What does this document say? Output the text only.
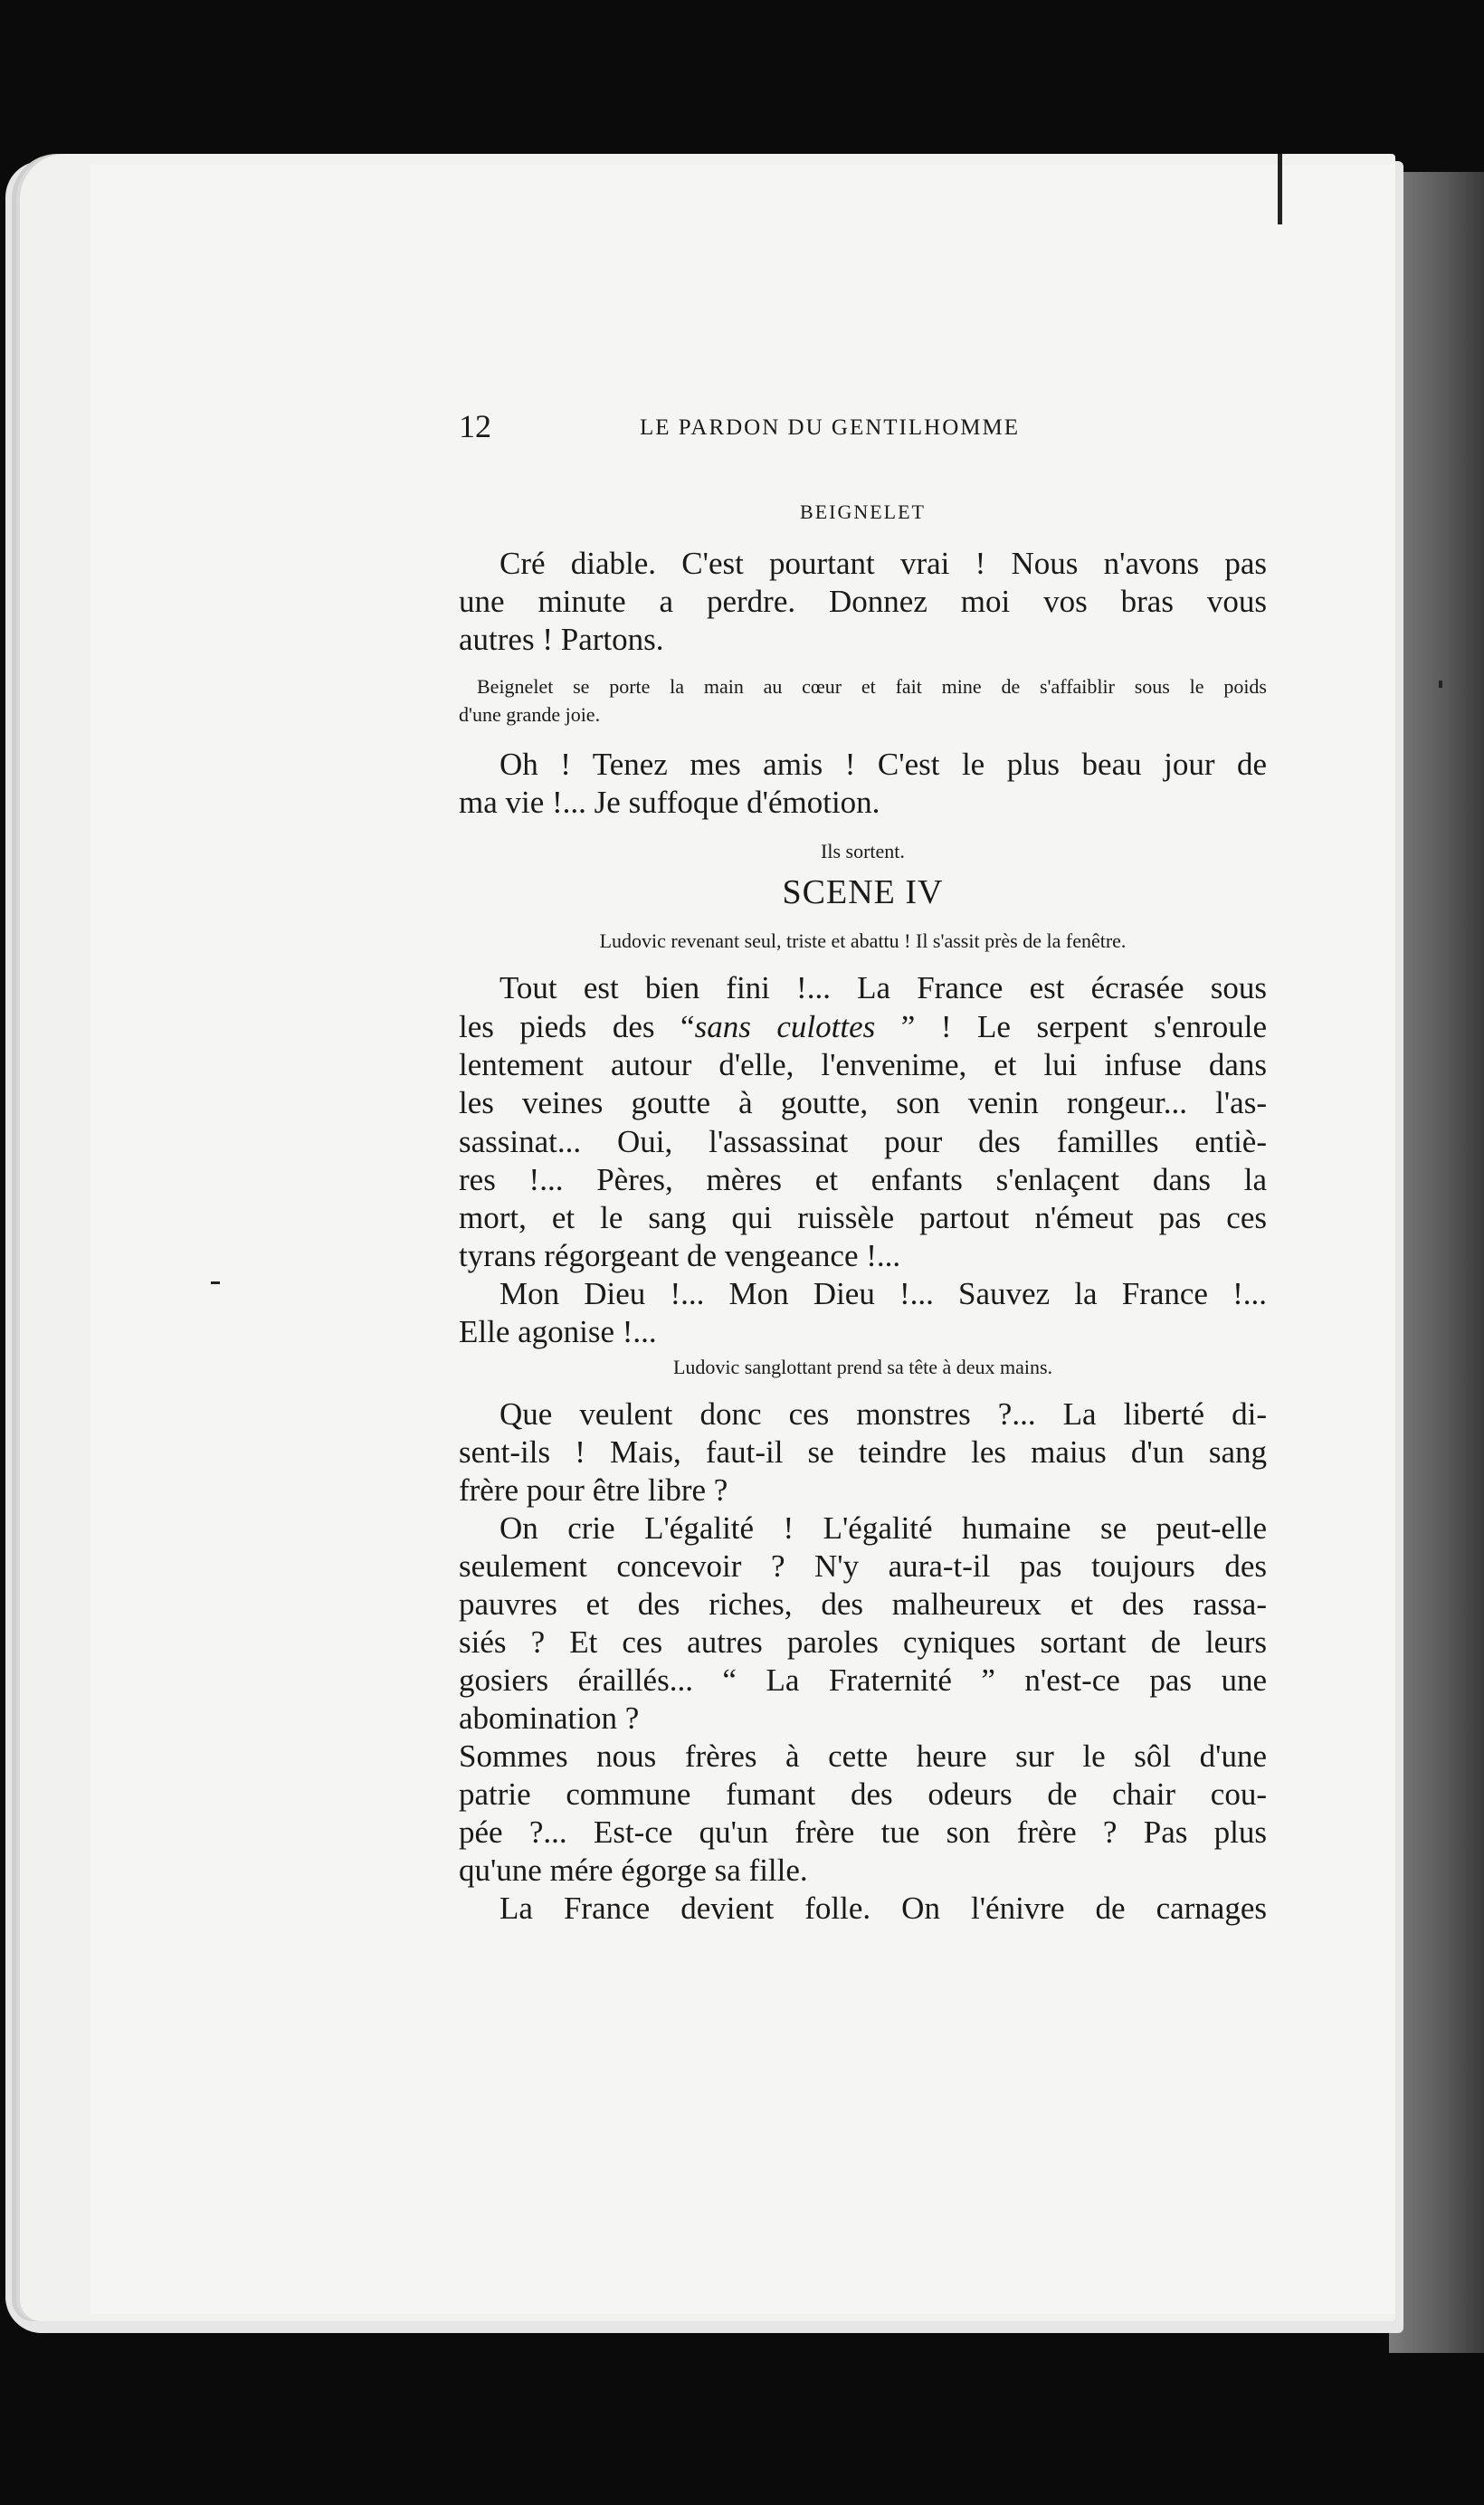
12	LE PARDON DU GENTILHOMME
BEIGNELET
Cré diable. C'est pourtant vrai ! Nous n'avons pas
une minute a perdre. Donnez moi vos bras vous
autres ! Partons.
Beignelet se porte la main au cœur et fait mine de s'affaiblir sous le poids
d'une grande joie.
Oh ! Tenez mes amis ! C'est le plus beau jour de
ma vie !... Je suffoque d'émotion.
Ils sortent.
SCENE IV
Ludovic revenant seul, triste et abattu ! Il s'assit près de la fenêtre.
Tout est bien fini !... La France est écrasée sous
les pieds des “sans culottes ” ! Le serpent s'enroule
lentement autour d'elle, l'envenime, et lui infuse dans
les veines goutte à goutte, son venin rongeur... l'as-
sassinat... Oui, l'assassinat pour des familles entiè-
res !... Pères, mères et enfants s'enlaçent dans la
mort, et le sang qui ruissèle partout n'émeut pas ces
tyrans régorgeant de vengeance !...
Mon Dieu !... Mon Dieu !... Sauvez la France !...
Elle agonise !...
Ludovic sanglottant prend sa tête à deux mains.
Que veulent donc ces monstres ?... La liberté di-
sent-ils ! Mais, faut-il se teindre les maius d'un sang
frère pour être libre ?
On crie L'égalité ! L'égalité humaine se peut-elle
seulement concevoir ? N'y aura-t-il pas toujours des
pauvres et des riches, des malheureux et des rassa-
siés ? Et ces autres paroles cyniques sortant de leurs
gosiers éraillés... “ La Fraternité ” n'est-ce pas une
abomination ?
Sommes nous frères à cette heure sur le sôl d'une
patrie commune fumant des odeurs de chair cou-
pée ?... Est-ce qu'un frère tue son frère ? Pas plus
qu'une mére égorge sa fille.
La France devient folle. On l'énivre de carnages
